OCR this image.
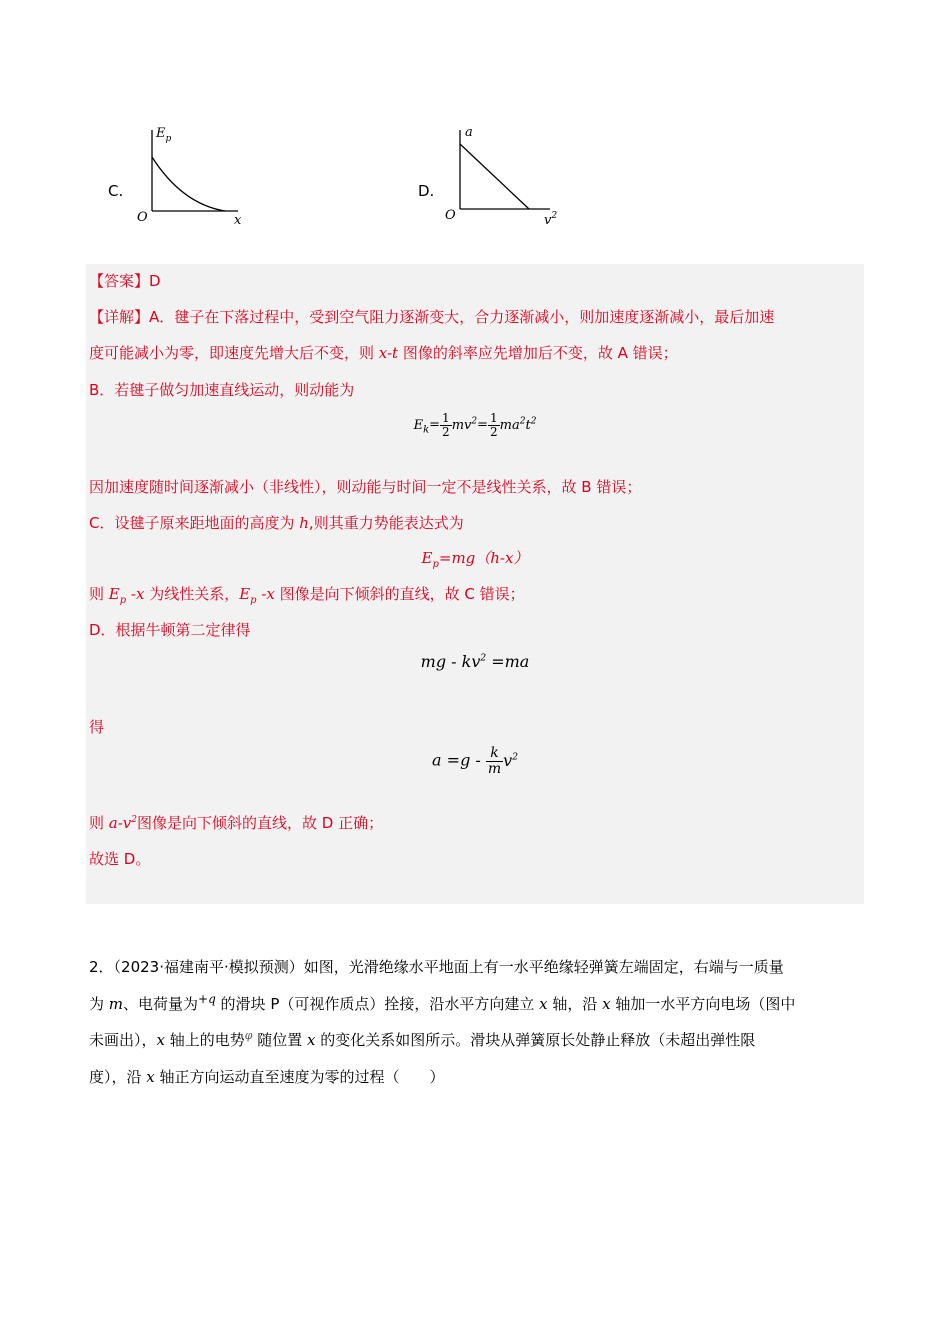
C.
$E_p$
O	x
D.
a
O	$v^2$
【答案】D
【详解】A．毽子在下落过程中，受到空气阻力逐渐变大，合力逐渐减小，则加速度逐渐减小，最后加速
度可能减小为零，即速度先增大后不变，则 x-t 图像的斜率应先增加后不变，故 A 错误；
B．若毽子做匀加速直线运动，则动能为
$E_k= \frac{1}{2} mv^2= \frac{1}{2} ma^2t^2$
因加速度随时间逐渐减小（非线性），则动能与时间一定不是线性关系，故 B 错误；
C．设毽子原来距地面的高度为 h,则其重力势能表达式为
$E_p=mg(h-x)$
则 $E_p$ -x 为线性关系，$E_p$ -x 图像是向下倾斜的直线，故 C 错误；
D．根据牛顿第二定律得
mg - $kv^2 =ma$
得
$a =g - \frac{k}{m} v^2$
则 $a-v^2$图像是向下倾斜的直线，故 D 正确；
故选 D。
2．（2023·福建南平·模拟预测）如图，光滑绝缘水平地面上有一水平绝缘轻弹簧左端固定，右端与一质量
为 m、电荷量为$^{+q}$ 的滑块 P（可视作质点）拴接，沿水平方向建立 x 轴，沿 x 轴加一水平方向电场（图中
未画出），x 轴上的电势$^\varphi$ 随位置 x 的变化关系如图所示。滑块从弹簧原长处静止释放（未超出弹性限
度），沿 x 轴正方向运动直至速度为零的过程（　　）
